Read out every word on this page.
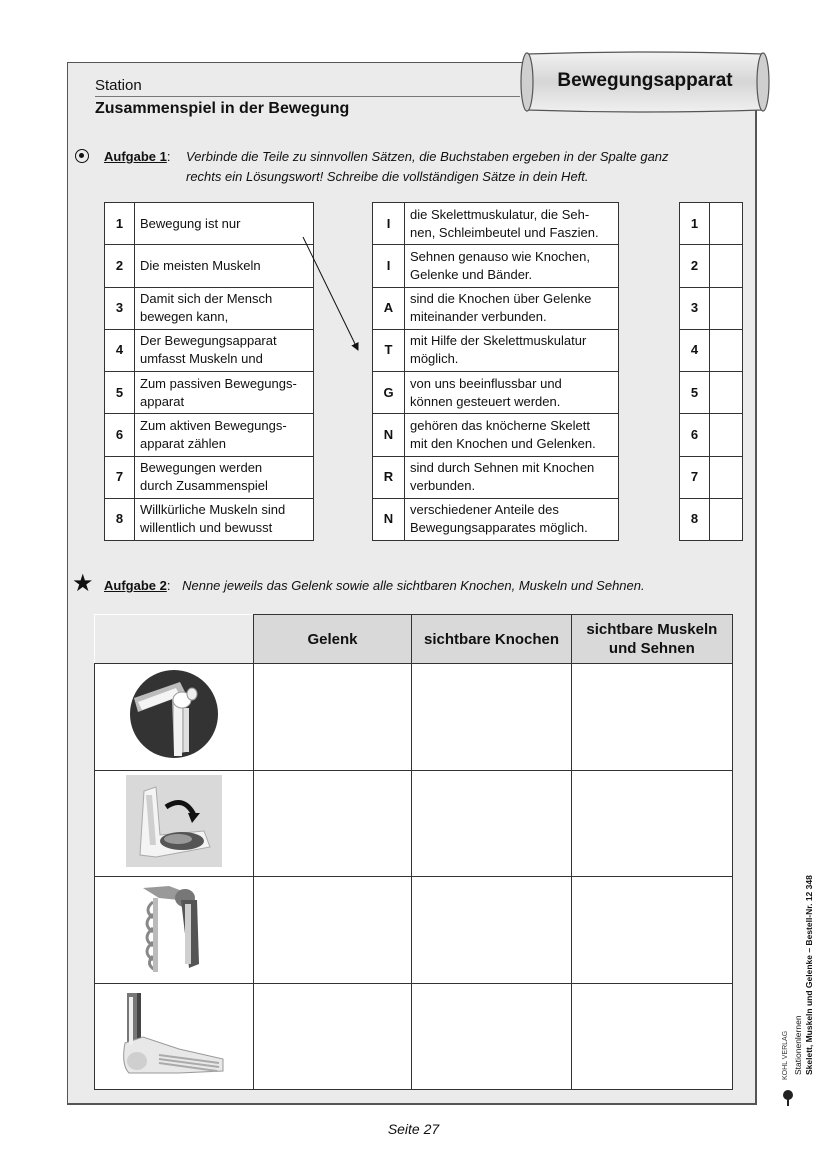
Bewegungsapparat
Station
Zusammenspiel in der Bewegung
Aufgabe 1: Verbinde die Teile zu sinnvollen Sätzen, die Buchstaben ergeben in der Spalte ganz
rechts ein Lösungswort! Schreibe die vollständigen Sätze in dein Heft.
1	Bewegung ist nur

2	Die meisten Muskeln

3	Damit sich der Mensch
bewegen kann,

4	Der Bewegungsapparat
umfasst Muskeln und

5	Zum passiven Bewegungs-
apparat

6	Zum aktiven Bewegungs-
apparat zählen

7	Bewegungen werden
durch Zusammenspiel

8	Willkürliche Muskeln sind
willentlich und bewusst
I	die Skelettmuskulatur, die Seh-
nen, Schleimbeutel und Faszien.

I	Sehnen genauso wie Knochen,
Gelenke und Bänder.

A	sind die Knochen über Gelenke
miteinander verbunden.

T	mit Hilfe der Skelettmuskulatur
möglich.

G	von uns beeinflussbar und
können gesteuert werden.

N	gehören das knöcherne Skelett
mit den Knochen und Gelenken.

R	sind durch Sehnen mit Knochen
verbunden.

N	verschiedener Anteile des
Bewegungsapparates möglich.
1	
2	
3	
4	
5	
6	
7	
8	
★ Aufgabe 2: Nenne jeweils das Gelenk sowie alle sichtbaren Knochen, Muskeln und Sehnen.
	Gelenk	sichtbare Knochen	sichtbare Muskeln
und Sehnen

Seite 27
Stationenlernen Skelett, Muskeln und Gelenke – Bestell-Nr. 12 348
KOHL VERLAG
